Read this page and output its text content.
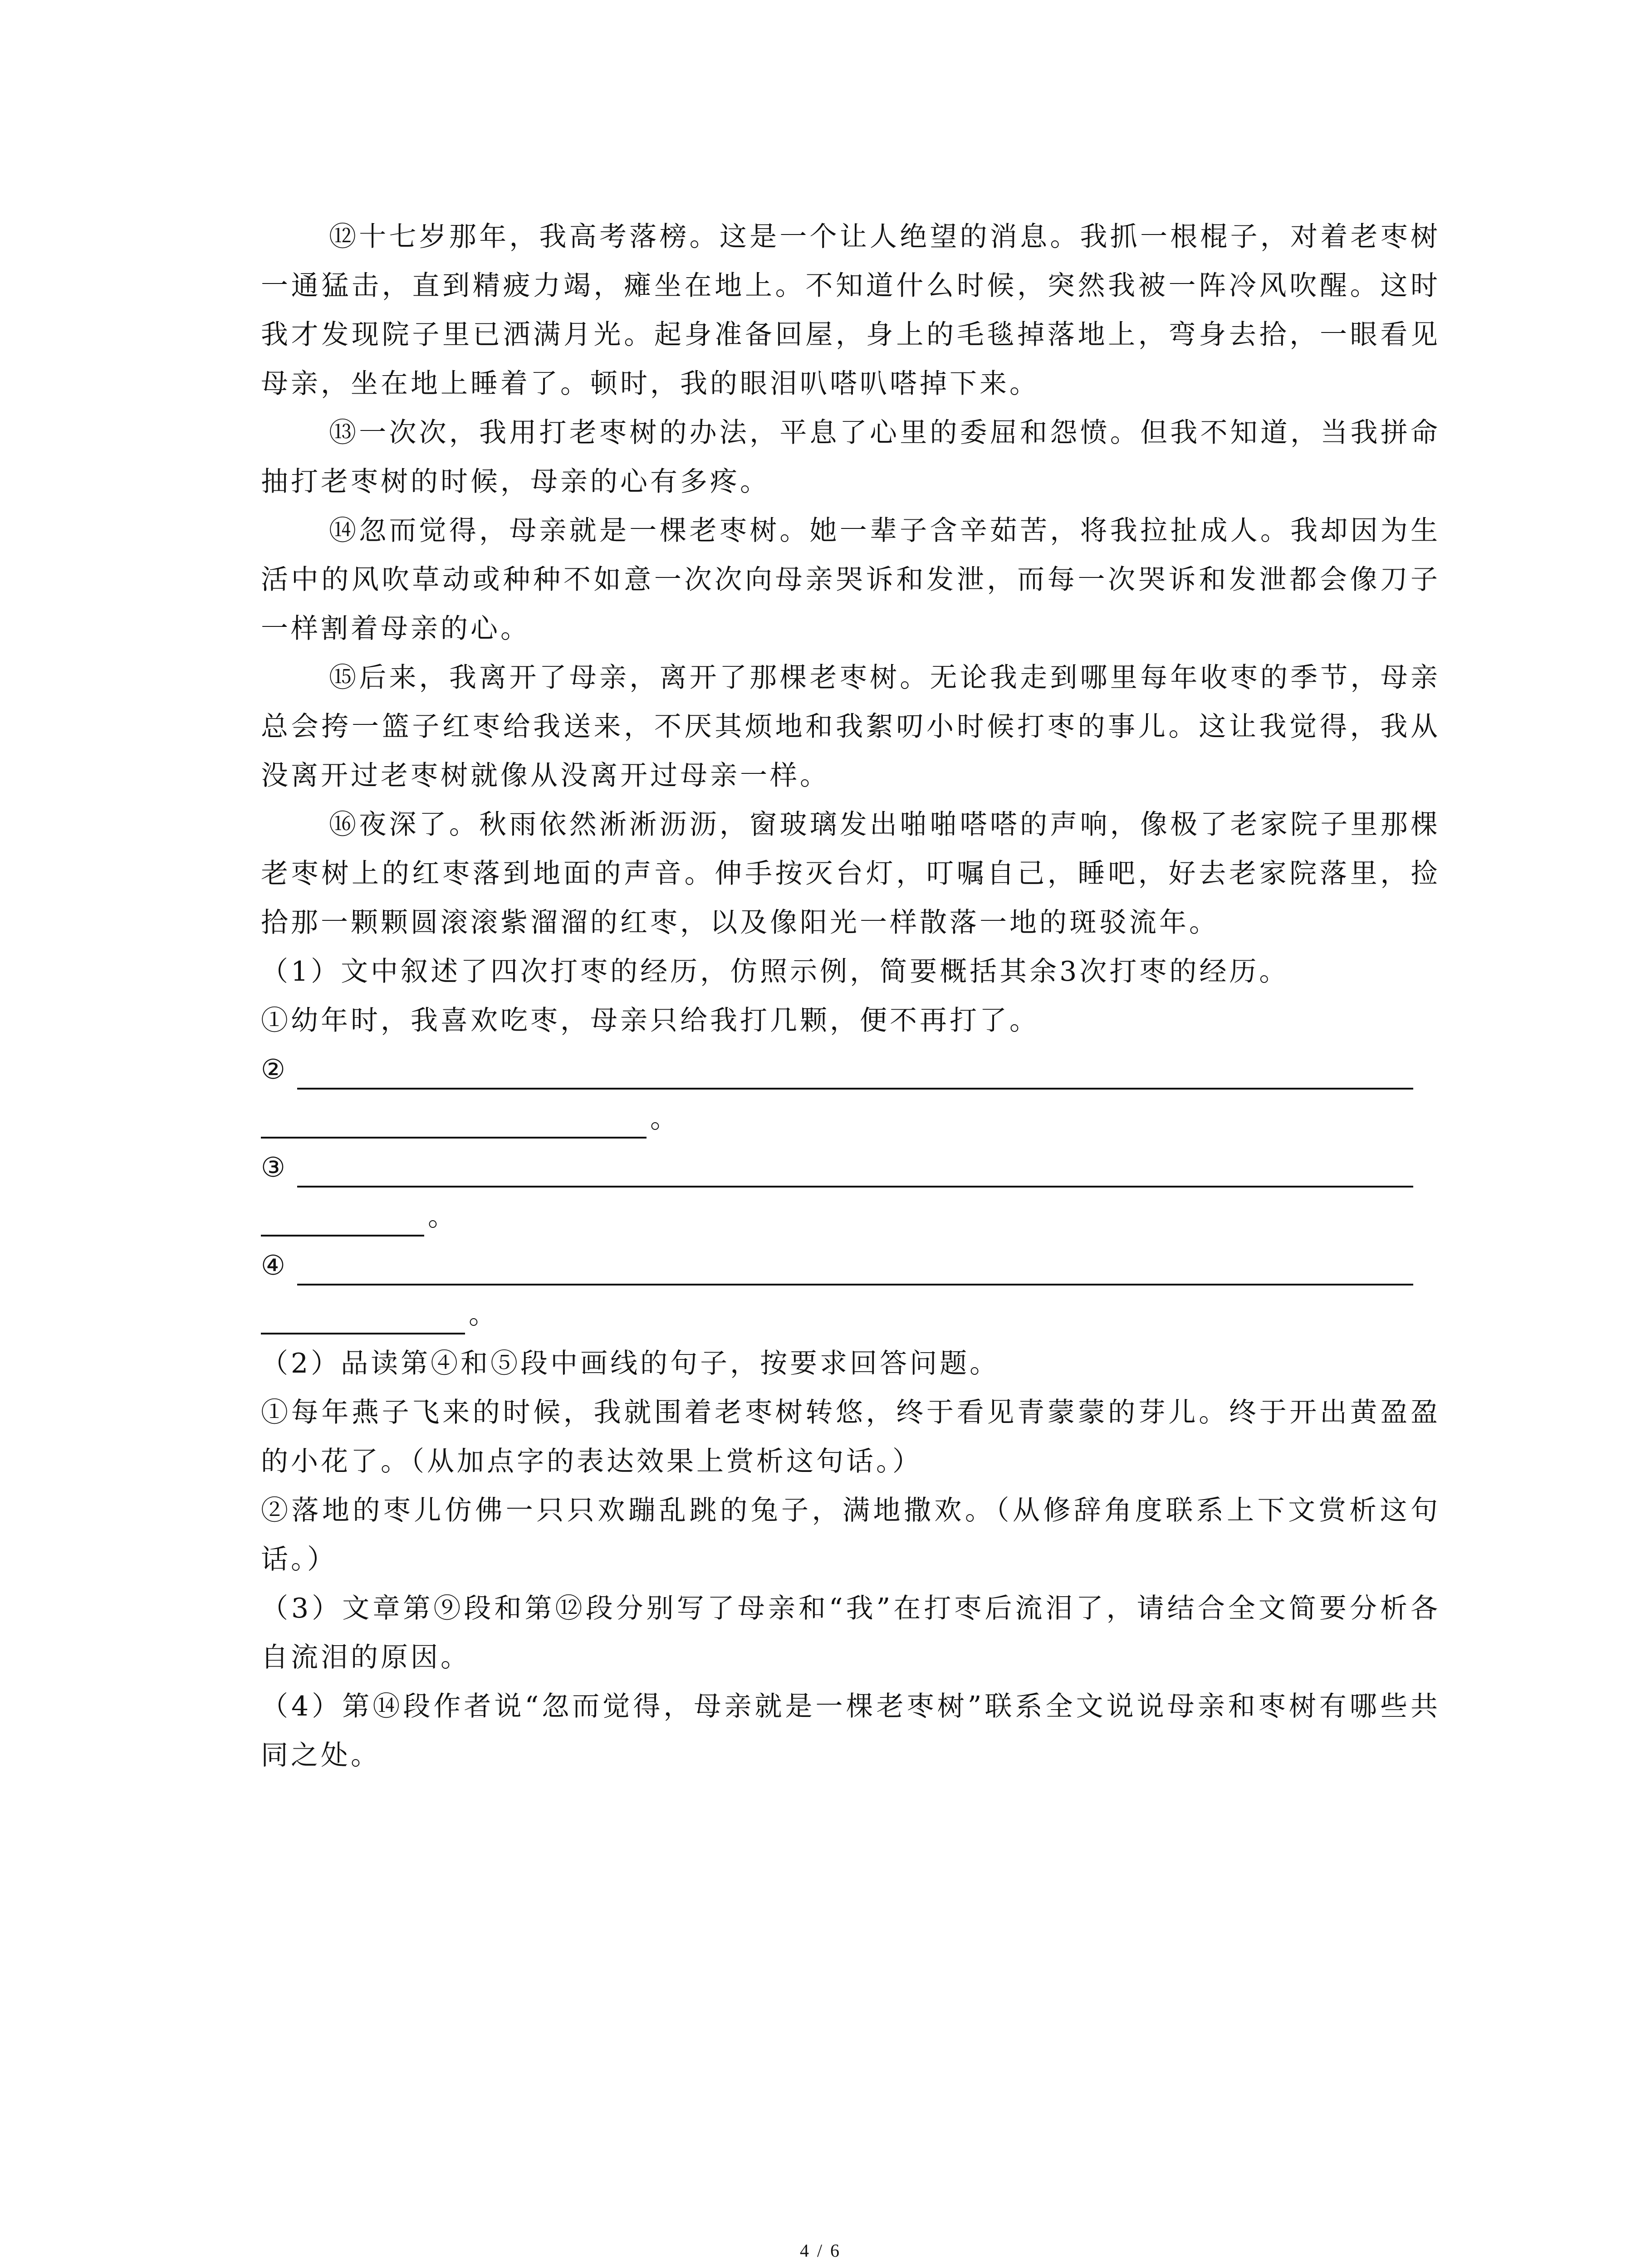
⑫十七岁那年，我高考落榜。这是一个让人绝望的消息。我抓一根棍子，对着老枣树一通猛击，直到精疲力竭，瘫坐在地上。不知道什么时候，突然我被一阵冷风吹醒。这时我才发现院子里已洒满月光。起身准备回屋，身上的毛毯掉落地上，弯身去拾，一眼看见母亲，坐在地上睡着了。顿时，我的眼泪叭嗒叭嗒掉下来。

⑬一次次，我用打老枣树的办法，平息了心里的委屈和怨愤。但我不知道，当我拼命抽打老枣树的时候，母亲的心有多疼。

⑭忽而觉得，母亲就是一棵老枣树。她一辈子含辛茹苦，将我拉扯成人。我却因为生活中的风吹草动或种种不如意一次次向母亲哭诉和发泄，而每一次哭诉和发泄都会像刀子一样割着母亲的心。

⑮后来，我离开了母亲，离开了那棵老枣树。无论我走到哪里每年收枣的季节，母亲总会挎一篮子红枣给我送来，不厌其烦地和我絮叨小时候打枣的事儿。这让我觉得，我从没离开过老枣树就像从没离开过母亲一样。

⑯夜深了。秋雨依然淅淅沥沥，窗玻璃发出啪啪嗒嗒的声响，像极了老家院子里那棵老枣树上的红枣落到地面的声音。伸手按灭台灯，叮嘱自己，睡吧，好去老家院落里，捡拾那一颗颗圆滚滚紫溜溜的红枣，以及像阳光一样散落一地的斑驳流年。

（1）文中叙述了四次打枣的经历，仿照示例，简要概括其余3次打枣的经历。

①幼年时，我喜欢吃枣，母亲只给我打几颗，便不再打了。

②
。
③
。
④
。

（2）品读第④和⑤段中画线的句子，按要求回答问题。

①每年燕子飞来的时候，我就围着老枣树转悠，终于看见青蒙蒙的芽儿。终于开出黄盈盈的小花了。（从加点字的表达效果上赏析这句话。）

②落地的枣儿仿佛一只只欢蹦乱跳的兔子，满地撒欢。（从修辞角度联系上下文赏析这句话。）

（3）文章第⑨段和第⑫段分别写了母亲和“我”在打枣后流泪了，请结合全文简要分析各自流泪的原因。

（4）第⑭段作者说“忽而觉得，母亲就是一棵老枣树”联系全文说说母亲和枣树有哪些共同之处。

4 / 6
